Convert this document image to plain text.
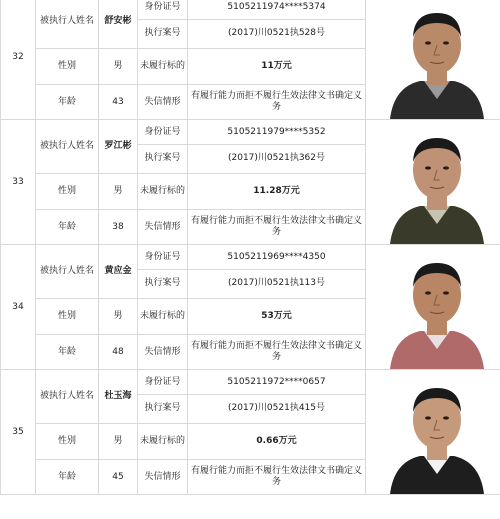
32	被执行人姓名	舒安彬	身份证号	5105211974****5374	

			执行案号	(2017)川0521执528号	
	性别	男	未履行标的	11万元	
	年龄	43	失信情形	有履行能力而拒不履行生效法律文书确定义务	
33	被执行人姓名	罗江彬	身份证号	5105211979****5352	

			执行案号	(2017)川0521执362号	
	性别	男	未履行标的	11.28万元	
	年龄	38	失信情形	有履行能力而拒不履行生效法律文书确定义务	
34	被执行人姓名	黄应金	身份证号	5105211969****4350	

			执行案号	(2017)川0521执113号	
	性别	男	未履行标的	53万元	
	年龄	48	失信情形	有履行能力而拒不履行生效法律文书确定义务	
35	被执行人姓名	杜玉海	身份证号	5105211972****0657	

			执行案号	(2017)川0521执415号	
	性别	男	未履行标的	0.66万元	
	年龄	45	失信情形	有履行能力而拒不履行生效法律文书确定义务	
